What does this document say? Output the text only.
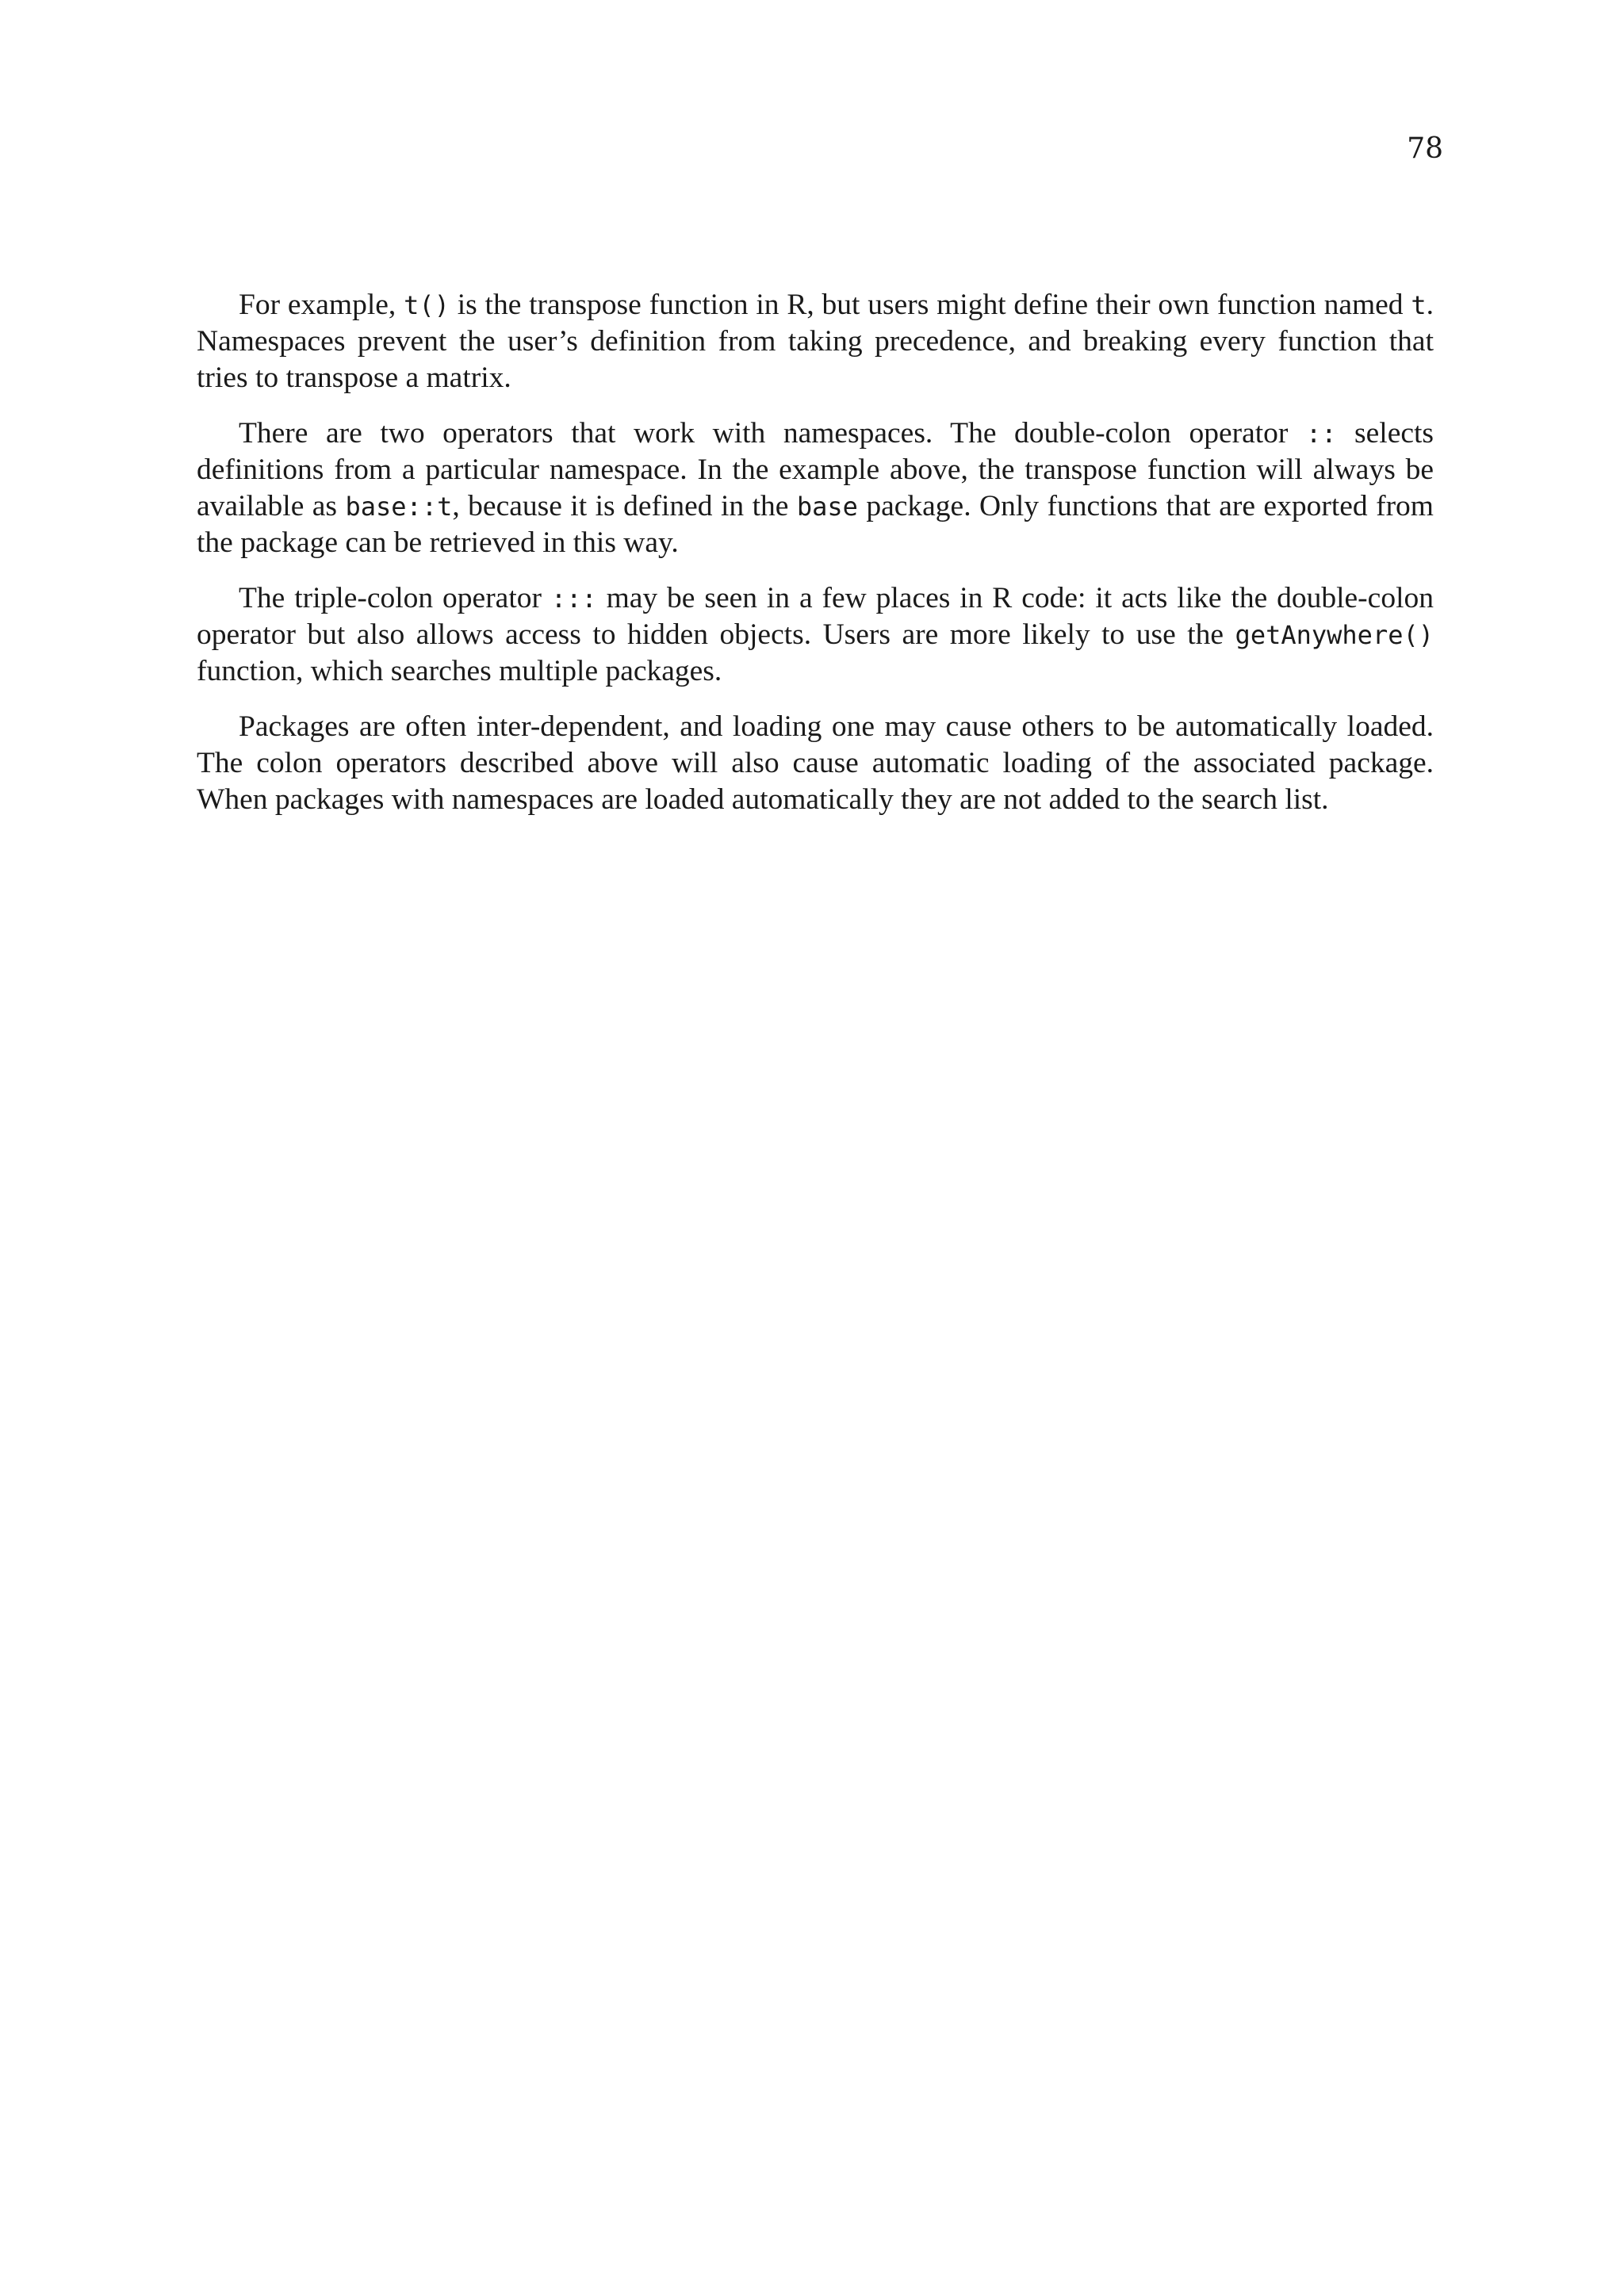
78

For example, t() is the transpose function in R, but users might define their own function named t. Namespaces prevent the user’s definition from taking precedence, and breaking every function that tries to transpose a matrix.

There are two operators that work with namespaces. The double-colon operator :: selects definitions from a particular namespace. In the example above, the transpose function will always be available as base::t, because it is defined in the base package. Only functions that are exported from the package can be retrieved in this way.

The triple-colon operator ::: may be seen in a few places in R code: it acts like the double-colon operator but also allows access to hidden objects. Users are more likely to use the getAnywhere() function, which searches multiple packages.

Packages are often inter-dependent, and loading one may cause others to be automatically loaded. The colon operators described above will also cause automatic loading of the associated package. When packages with namespaces are loaded automatically they are not added to the search list.
